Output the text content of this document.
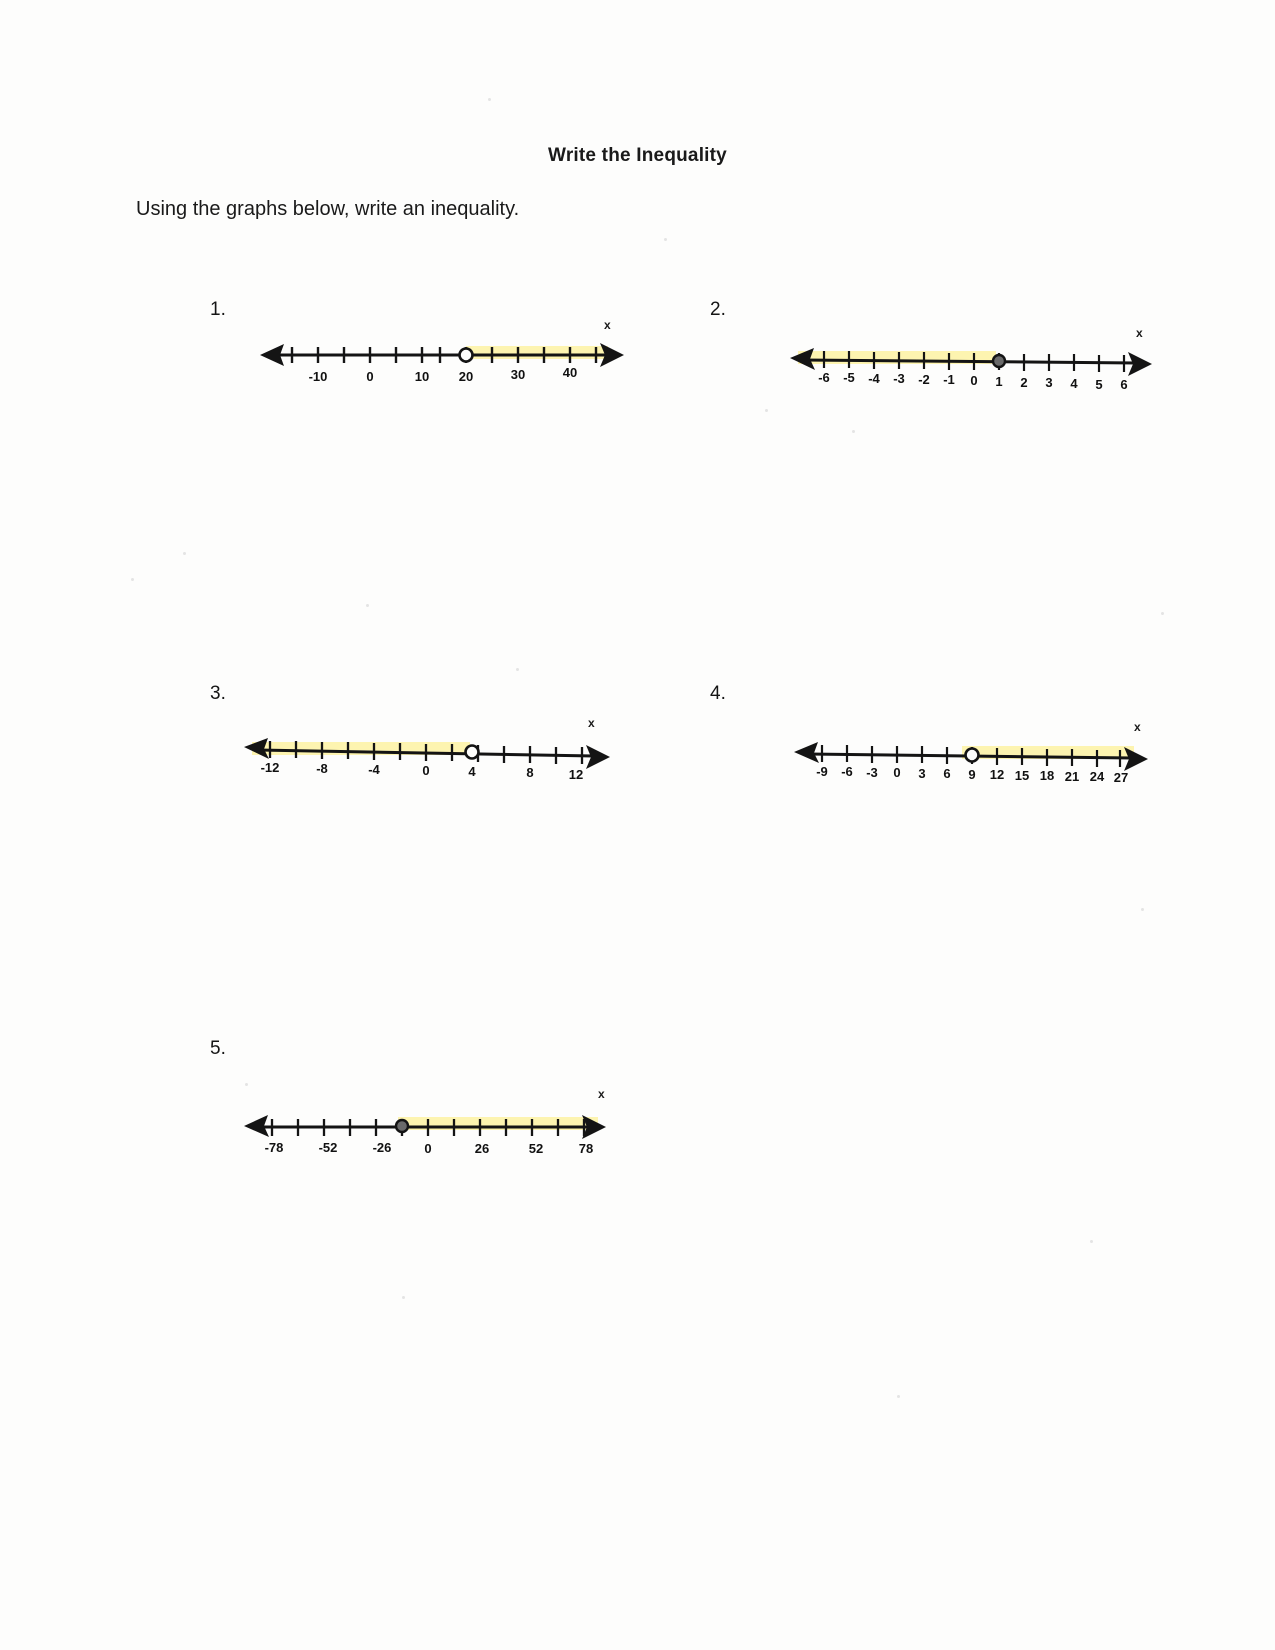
Write the Inequality
Using the graphs below, write an inequality.
1.
x
-10	0	10 20	30	40
2.
x
-6 -5 -4 -3 -2 -1 0 1 2 3 4 5 6
3.
x
-12	-8	-4	0	4	8	12
4.
x
-9 -6 -3 0 3 6 9 12 15 18 21 24 27
5.
x
-78	-52	-26	0	26	52	78
